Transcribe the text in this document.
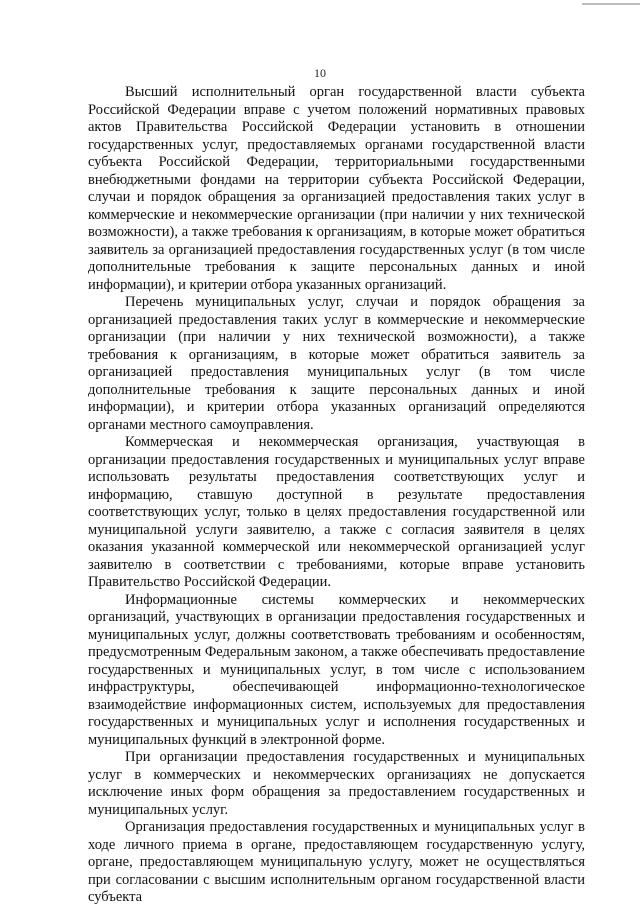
10

Высший исполнительный орган государственной власти субъекта Российской Федерации вправе с учетом положений нормативных правовых актов Правительства Российской Федерации установить в отношении государственных услуг, предоставляемых органами государственной власти субъекта Российской Федерации, территориальными государственными внебюджетными фондами на территории субъекта Российской Федерации, случаи и порядок обращения за организацией предоставления таких услуг в коммерческие и некоммерческие организации (при наличии у них технической возможности), а также требования к организациям, в которые может обратиться заявитель за организацией предоставления государственных услуг (в том числе дополнительные требования к защите персональных данных и иной информации), и критерии отбора указанных организаций.

Перечень муниципальных услуг, случаи и порядок обращения за организацией предоставления таких услуг в коммерческие и некоммерческие организации (при наличии у них технической возможности), а также требования к организациям, в которые может обратиться заявитель за организацией предоставления муниципальных услуг (в том числе дополнительные требования к защите персональных данных и иной информации), и критерии отбора указанных организаций определяются органами местного самоуправления.

Коммерческая и некоммерческая организация, участвующая в организации предоставления государственных и муниципальных услуг вправе использовать результаты предоставления соответствующих услуг и информацию, ставшую доступной в результате предоставления соответствующих услуг, только в целях предоставления государственной или муниципальной услуги заявителю, а также с согласия заявителя в целях оказания указанной коммерческой или некоммерческой организацией услуг заявителю в соответствии с требованиями, которые вправе установить Правительство Российской Федерации.

Информационные системы коммерческих и некоммерческих организаций, участвующих в организации предоставления государственных и муниципальных услуг, должны соответствовать требованиям и особенностям, предусмотренным Федеральным законом, а также обеспечивать предоставление государственных и муниципальных услуг, в том числе с использованием инфраструктуры, обеспечивающей информационно-технологическое взаимодействие информационных систем, используемых для предоставления государственных и муниципальных услуг и исполнения государственных и муниципальных функций в электронной форме.

При организации предоставления государственных и муниципальных услуг в коммерческих и некоммерческих организациях не допускается исключение иных форм обращения за предоставлением государственных и муниципальных услуг.

Организация предоставления государственных и муниципальных услуг в ходе личного приема в органе, предоставляющем государственную услугу, органе, предоставляющем муниципальную услугу, может не осуществляться при согласовании с высшим исполнительным органом государственной власти субъекта
